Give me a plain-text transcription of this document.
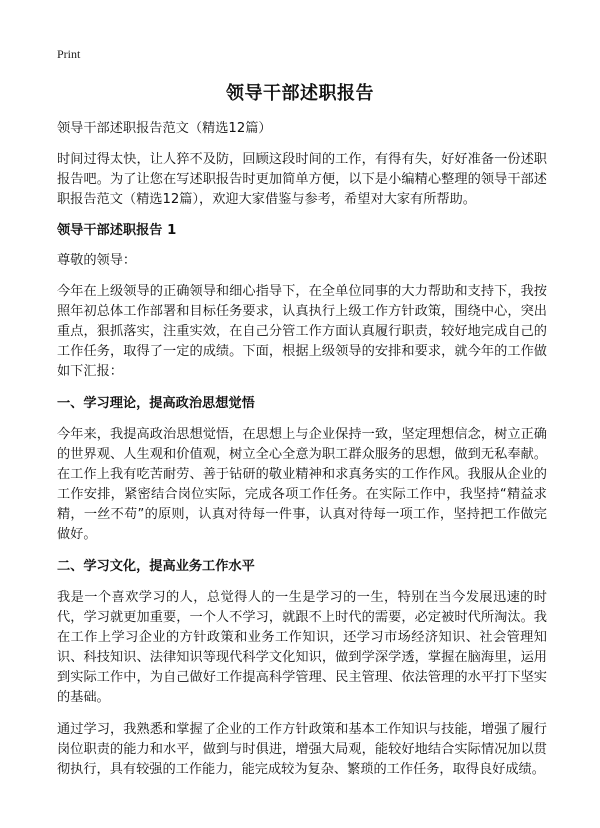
Print
领导干部述职报告

领导干部述职报告范文（精选12篇）

时间过得太快，让人猝不及防，回顾这段时间的工作，有得有失，好好准备一份述职报告吧。为了让您在写述职报告时更加简单方便，以下是小编精心整理的领导干部述职报告范文（精选12篇），欢迎大家借鉴与参考，希望对大家有所帮助。

领导干部述职报告 1

尊敬的领导：

今年在上级领导的正确领导和细心指导下，在全单位同事的大力帮助和支持下，我按照年初总体工作部署和目标任务要求，认真执行上级工作方针政策，围绕中心，突出重点，狠抓落实，注重实效，在自己分管工作方面认真履行职责，较好地完成自己的工作任务，取得了一定的成绩。下面，根据上级领导的安排和要求，就今年的工作做如下汇报：

一、学习理论，提高政治思想觉悟

今年来，我提高政治思想觉悟，在思想上与企业保持一致，坚定理想信念，树立正确的世界观、人生观和价值观，树立全心全意为职工群众服务的思想，做到无私奉献。在工作上我有吃苦耐劳、善于钻研的敬业精神和求真务实的工作作风。我服从企业的工作安排，紧密结合岗位实际，完成各项工作任务。在实际工作中，我坚持“精益求精，一丝不苟”的原则，认真对待每一件事，认真对待每一项工作，坚持把工作做完做好。

二、学习文化，提高业务工作水平

我是一个喜欢学习的人，总觉得人的一生是学习的一生，特别在当今发展迅速的时代，学习就更加重要，一个人不学习，就跟不上时代的需要，必定被时代所淘汰。我在工作上学习企业的方针政策和业务工作知识，还学习市场经济知识、社会管理知识、科技知识、法律知识等现代科学文化知识，做到学深学透，掌握在脑海里，运用到实际工作中，为自己做好工作提高科学管理、民主管理、依法管理的水平打下坚实的基础。

通过学习，我熟悉和掌握了企业的工作方针政策和基本工作知识与技能，增强了履行岗位职责的能力和水平，做到与时俱进，增强大局观，能较好地结合实际情况加以贯彻执行，具有较强的工作能力，能完成较为复杂、繁琐的工作任务，取得良好成绩。
